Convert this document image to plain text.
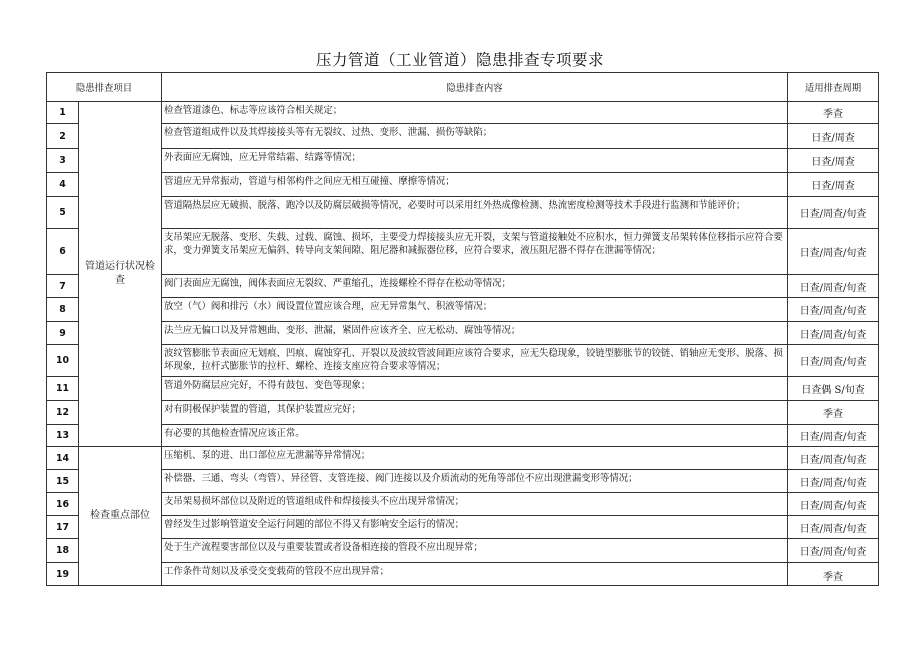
压力管道（工业管道）隐患排查专项要求
隐患排查项目		隐患排查内容	适用排查周期
1	管道运行状况检查	检查管道漆色、标志等应该符合相关规定；	季查
2		检查管道组成件以及其焊接接头等有无裂纹、过热、变形、泄漏、损伤等缺陷；	日查/周查
3		外表面应无腐蚀，应无异常结霜、结露等情况；	日查/周查
4		管道应无异常振动，管道与相邻构件之间应无相互碰撞、摩擦等情况；	日查/周查
5		管道隔热层应无破损、脱落、跑冷以及防腐层破损等情况，必要时可以采用红外热成像检测、热流密度检测等技术手段进行监测和节能评价；	日查/周查/旬查
6		支吊架应无脱落、变形、失载、过载、腐蚀、损坏，主要受力焊接接头应无开裂，支架与管道接触处不应积水，恒力弹簧支吊架转体位移指示应符合要求，变力弹簧支吊架应无偏斜、转导向支架间隙、阻尼器和减振器位移，应符合要求，液压阻尼器不得存在泄漏等情况；	日查/周查/旬查
7		阀门表面应无腐蚀，阀体表面应无裂纹、严重缩孔，连接螺栓不得存在松动等情况；	日查/周查/旬查
8		放空（气）阀和排污（水）阀设置位置应该合理，应无异常集气、积液等情况；	日查/周查/旬查
9		法兰应无偏口以及异常翘曲、变形、泄漏，紧固件应该齐全、应无松动、腐蚀等情况；	日查/周查/旬查
10		波纹管膨胀节表面应无划痕、凹痕、腐蚀穿孔、开裂以及波纹管波间距应该符合要求，应无失稳现象，铰链型膨胀节的铰链、销轴应无变形、脱落、损坏现象，拉杆式膨胀节的拉杆、螺栓、连接支座应符合要求等情况；	日查/周查/旬查
11		管道外防腐层应完好，不得有鼓包、变色等现象；	日查偶 S/旬查
12		对有阴极保护装置的管道，其保护装置应完好；	季查
13		有必要的其他检查情况应该正常。	日查/周查/旬查
14	检查重点部位	压缩机、泵的进、出口部位应无泄漏等异常情况；	日查/周查/旬查
15		补偿器、三通、弯头（弯管）、异径管、支管连接、阀门连接以及介质流动的死角等部位不应出现泄漏变形等情况；	日查/周查/旬查
16		支吊架易损坏部位以及附近的管道组成件和焊接接头不应出现异常情况；	日查/周查/旬查
17		曾经发生过影响管道安全运行问题的部位不得又有影响安全运行的情况；	日查/周查/旬查
18		处于生产流程要害部位以及与重要装置或者设备相连接的管段不应出现异常；	日查/周查/旬查
19		工作条件苛刻以及承受交变载荷的管段不应出现异常；	季查
